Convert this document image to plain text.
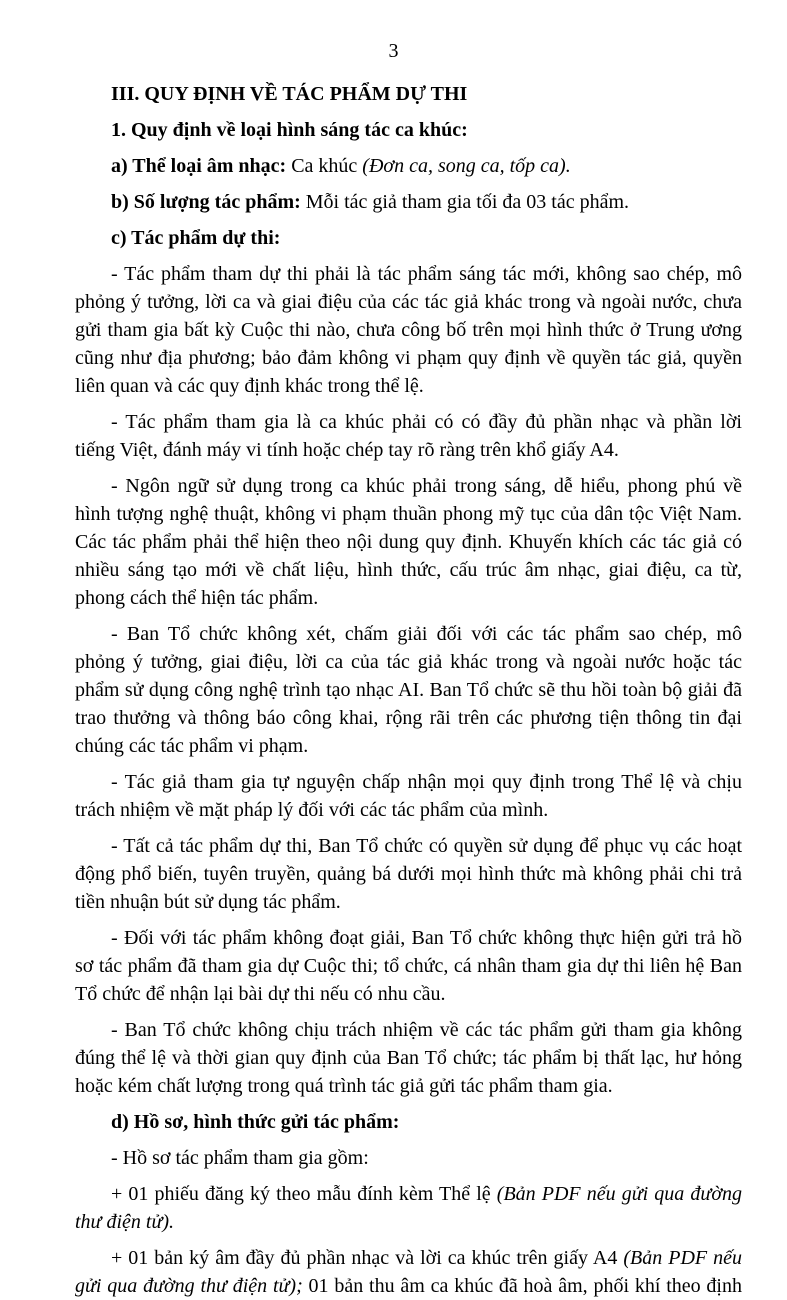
3
III. QUY ĐỊNH VỀ TÁC PHẨM DỰ THI

1. Quy định về loại hình sáng tác ca khúc:

a) Thể loại âm nhạc: Ca khúc (Đơn ca, song ca, tốp ca).

b) Số lượng tác phẩm: Mỗi tác giả tham gia tối đa 03 tác phẩm.

c) Tác phẩm dự thi:

- Tác phẩm tham dự thi phải là tác phẩm sáng tác mới, không sao chép, mô
phỏng ý tưởng, lời ca và giai điệu của các tác giả khác trong và ngoài nước, chưa
gửi tham gia bất kỳ Cuộc thi nào, chưa công bố trên mọi hình thức ở Trung ương
cũng như địa phương; bảo đảm không vi phạm quy định về quyền tác giả, quyền
liên quan và các quy định khác trong thể lệ.
- Tác phẩm tham gia là ca khúc phải có có đầy đủ phần nhạc và phần lời
tiếng Việt, đánh máy vi tính hoặc chép tay rõ ràng trên khổ giấy A4.
- Ngôn ngữ sử dụng trong ca khúc phải trong sáng, dễ hiểu, phong phú về
hình tượng nghệ thuật, không vi phạm thuần phong mỹ tục của dân tộc Việt Nam.
Các tác phẩm phải thể hiện theo nội dung quy định. Khuyến khích các tác giả có
nhiều sáng tạo mới về chất liệu, hình thức, cấu trúc âm nhạc, giai điệu, ca từ,
phong cách thể hiện tác phẩm.
- Ban Tổ chức không xét, chấm giải đối với các tác phẩm sao chép, mô
phỏng ý tưởng, giai điệu, lời ca của tác giả khác trong và ngoài nước hoặc tác
phẩm sử dụng công nghệ trình tạo nhạc AI. Ban Tổ chức sẽ thu hồi toàn bộ giải đã
trao thưởng và thông báo công khai, rộng rãi trên các phương tiện thông tin đại
chúng các tác phẩm vi phạm.
- Tác giả tham gia tự nguyện chấp nhận mọi quy định trong Thể lệ và chịu
trách nhiệm về mặt pháp lý đối với các tác phẩm của mình.
- Tất cả tác phẩm dự thi, Ban Tổ chức có quyền sử dụng để phục vụ các hoạt
động phổ biến, tuyên truyền, quảng bá dưới mọi hình thức mà không phải chi trả
tiền nhuận bút sử dụng tác phẩm.
- Đối với tác phẩm không đoạt giải, Ban Tổ chức không thực hiện gửi trả hồ
sơ tác phẩm đã tham gia dự Cuộc thi; tổ chức, cá nhân tham gia dự thi liên hệ Ban
Tổ chức để nhận lại bài dự thi nếu có nhu cầu.
- Ban Tổ chức không chịu trách nhiệm về các tác phẩm gửi tham gia không
đúng thể lệ và thời gian quy định của Ban Tổ chức; tác phẩm bị thất lạc, hư hỏng
hoặc kém chất lượng trong quá trình tác giả gửi tác phẩm tham gia.

d) Hồ sơ, hình thức gửi tác phẩm:

- Hồ sơ tác phẩm tham gia gồm:

+ 01 phiếu đăng ký theo mẫu đính kèm Thể lệ (Bản PDF nếu gửi qua đường
thư điện tử).
+ 01 bản ký âm đầy đủ phần nhạc và lời ca khúc trên giấy A4 (Bản PDF nếu
gửi qua đường thư điện tử); 01 bản thu âm ca khúc đã hoà âm, phối khí theo định
